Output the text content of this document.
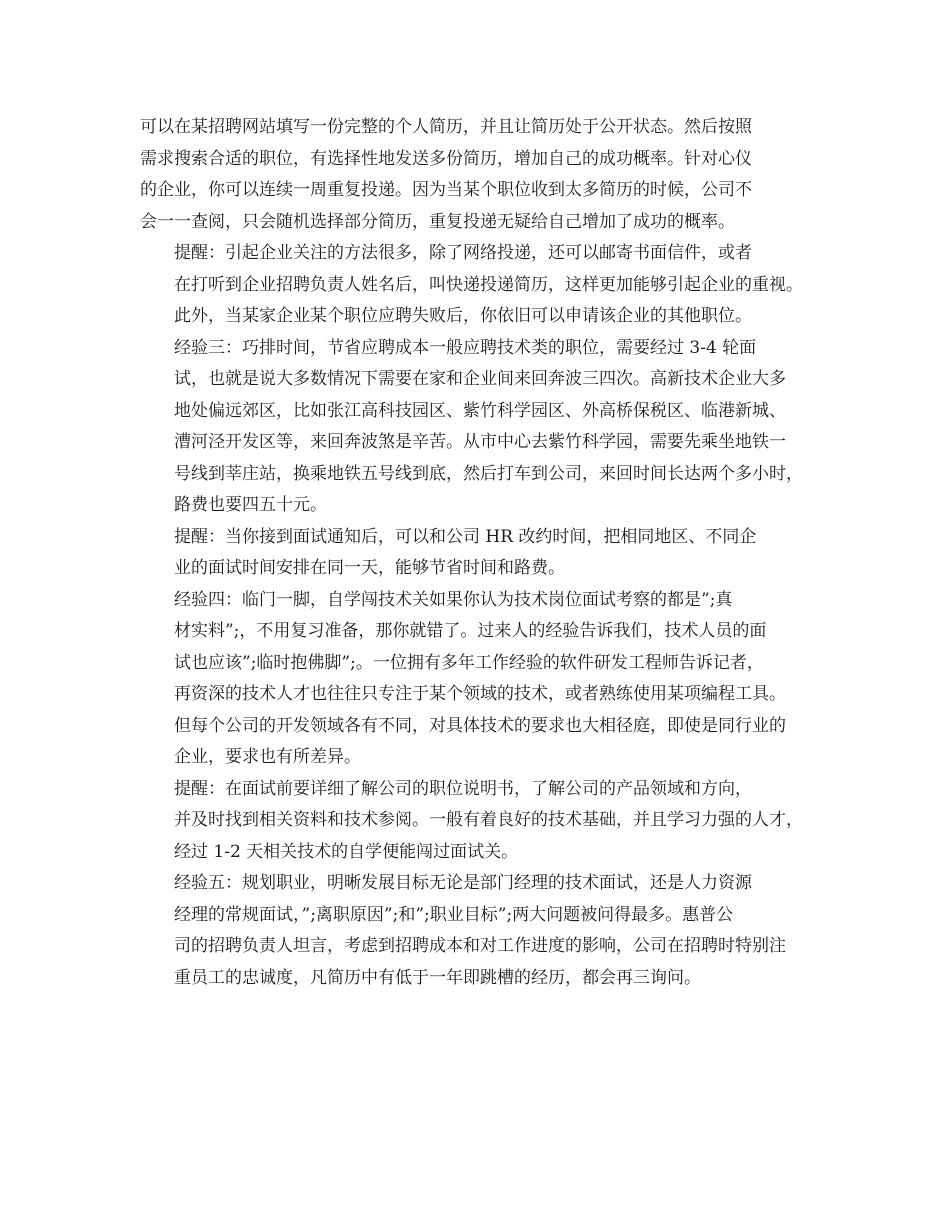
可以在某招聘网站填写一份完整的个人简历，并且让简历处于公开状态。然后按照
需求搜索合适的职位，有选择性地发送多份简历，增加自己的成功概率。针对心仪
的企业，你可以连续一周重复投递。因为当某个职位收到太多简历的时候，公司不
会一一查阅，只会随机选择部分简历，重复投递无疑给自己增加了成功的概率。

提醒：引起企业关注的方法很多，除了网络投递，还可以邮寄书面信件，或者
在打听到企业招聘负责人姓名后，叫快递投递简历，这样更加能够引起企业的重视。
此外，当某家企业某个职位应聘失败后，你依旧可以申请该企业的其他职位。

经验三：巧排时间，节省应聘成本一般应聘技术类的职位，需要经过 3-4 轮面
试，也就是说大多数情况下需要在家和企业间来回奔波三四次。高新技术企业大多
地处偏远郊区，比如张江高科技园区、紫竹科学园区、外高桥保税区、临港新城、
漕河泾开发区等，来回奔波煞是辛苦。从市中心去紫竹科学园，需要先乘坐地铁一
号线到莘庄站，换乘地铁五号线到底，然后打车到公司，来回时间长达两个多小时，
路费也要四五十元。

提醒：当你接到面试通知后，可以和公司 HR 改约时间，把相同地区、不同企
业的面试时间安排在同一天，能够节省时间和路费。

经验四：临门一脚，自学闯技术关如果你认为技术岗位面试考察的都是”;真
材实料”;，不用复习准备，那你就错了。过来人的经验告诉我们，技术人员的面
试也应该”;临时抱佛脚”;。一位拥有多年工作经验的软件研发工程师告诉记者，
再资深的技术人才也往往只专注于某个领域的技术，或者熟练使用某项编程工具。
但每个公司的开发领域各有不同，对具体技术的要求也大相径庭，即使是同行业的
企业，要求也有所差异。

提醒：在面试前要详细了解公司的职位说明书，了解公司的产品领域和方向，
并及时找到相关资料和技术参阅。一般有着良好的技术基础，并且学习力强的人才，
经过 1-2 天相关技术的自学便能闯过面试关。

经验五：规划职业，明晰发展目标无论是部门经理的技术面试，还是人力资源
经理的常规面试，”;离职原因”;和”;职业目标”;两大问题被问得最多。惠普公
司的招聘负责人坦言，考虑到招聘成本和对工作进度的影响，公司在招聘时特别注
重员工的忠诚度，凡简历中有低于一年即跳槽的经历，都会再三询问。
